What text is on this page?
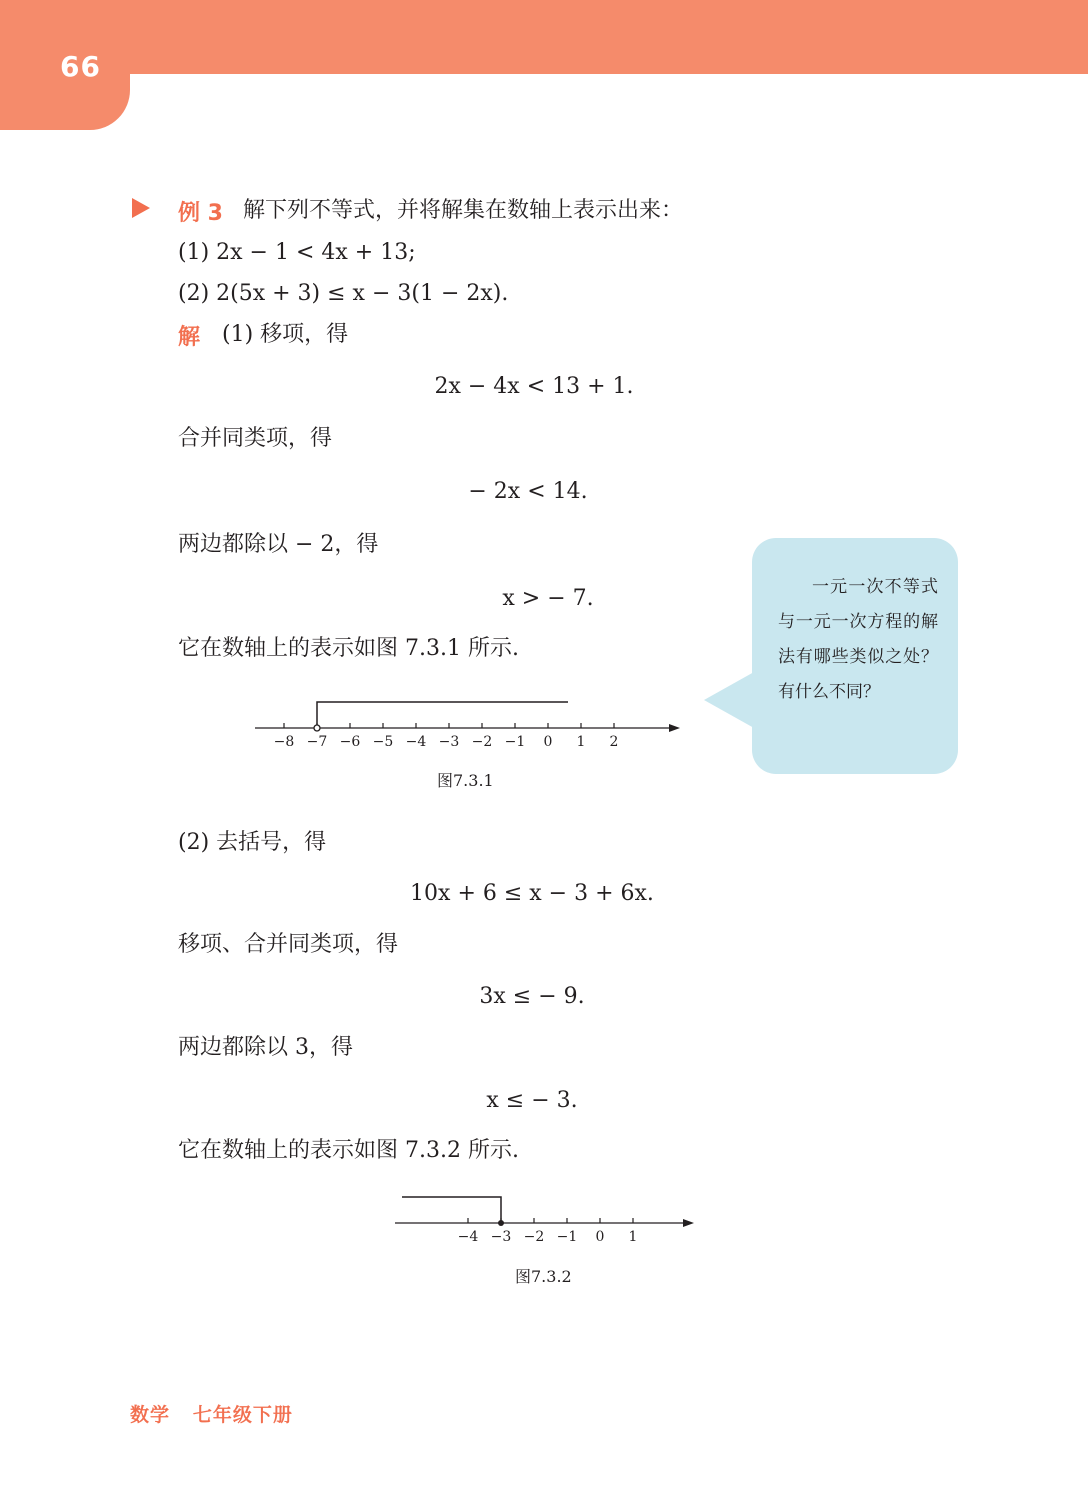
66
例 3 解下列不等式，并将解集在数轴上表示出来：
(1) 2x − 1 < 4x + 13;
(2) 2(5x + 3) ≤ x − 3(1 − 2x).
解 (1) 移项，得
2x − 4x < 13 + 1.
合并同类项，得
− 2x < 14.
两边都除以 − 2，得
x > − 7.
它在数轴上的表示如图 7.3.1 所示.
−8 −7 −6 −5 −4 −3 −2 −1 0 1 2
图7.3.1
一元一次不等式与一元一次方程的解法有哪些类似之处？有什么不同？
(2) 去括号，得
10x + 6 ≤ x − 3 + 6x.
移项、合并同类项，得
3x ≤ − 9.
两边都除以 3，得
x ≤ − 3.
它在数轴上的表示如图 7.3.2 所示.
−4 −3 −2 −1 0 1
图7.3.2
数学 七年级下册
